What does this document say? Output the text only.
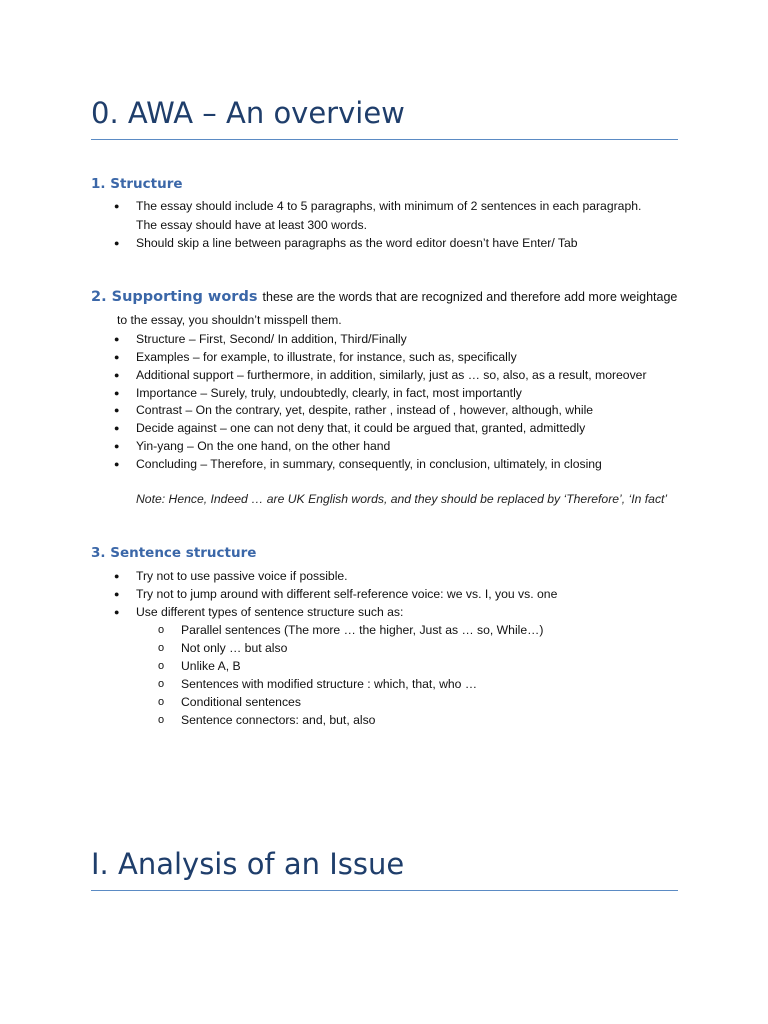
0. AWA – An overview
1. Structure
● The essay should include 4 to 5 paragraphs, with minimum of 2 sentences in each paragraph.
The essay should have at least 300 words.
● Should skip a line between paragraphs as the word editor doesn’t have Enter/ Tab
2. Supporting words these are the words that are recognized and therefore add more weightage
to the essay, you shouldn’t misspell them.
● Structure – First, Second/ In addition, Third/Finally
● Examples – for example, to illustrate, for instance, such as, specifically
● Additional support – furthermore, in addition, similarly, just as … so, also, as a result, moreover
● Importance – Surely, truly, undoubtedly, clearly, in fact, most importantly
● Contrast – On the contrary, yet, despite, rather , instead of , however, although, while
● Decide against – one can not deny that, it could be argued that, granted, admittedly
● Yin-yang – On the one hand, on the other hand
● Concluding – Therefore, in summary, consequently, in conclusion, ultimately, in closing
Note: Hence, Indeed … are UK English words, and they should be replaced by ‘Therefore’, ‘In fact’
3. Sentence structure
● Try not to use passive voice if possible.
● Try not to jump around with different self-reference voice: we vs. I, you vs. one
● Use different types of sentence structure such as:
o Parallel sentences (The more … the higher, Just as … so, While…)
o Not only … but also
o Unlike A, B
o Sentences with modified structure : which, that, who …
o Conditional sentences
o Sentence connectors: and, but, also
I. Analysis of an Issue
